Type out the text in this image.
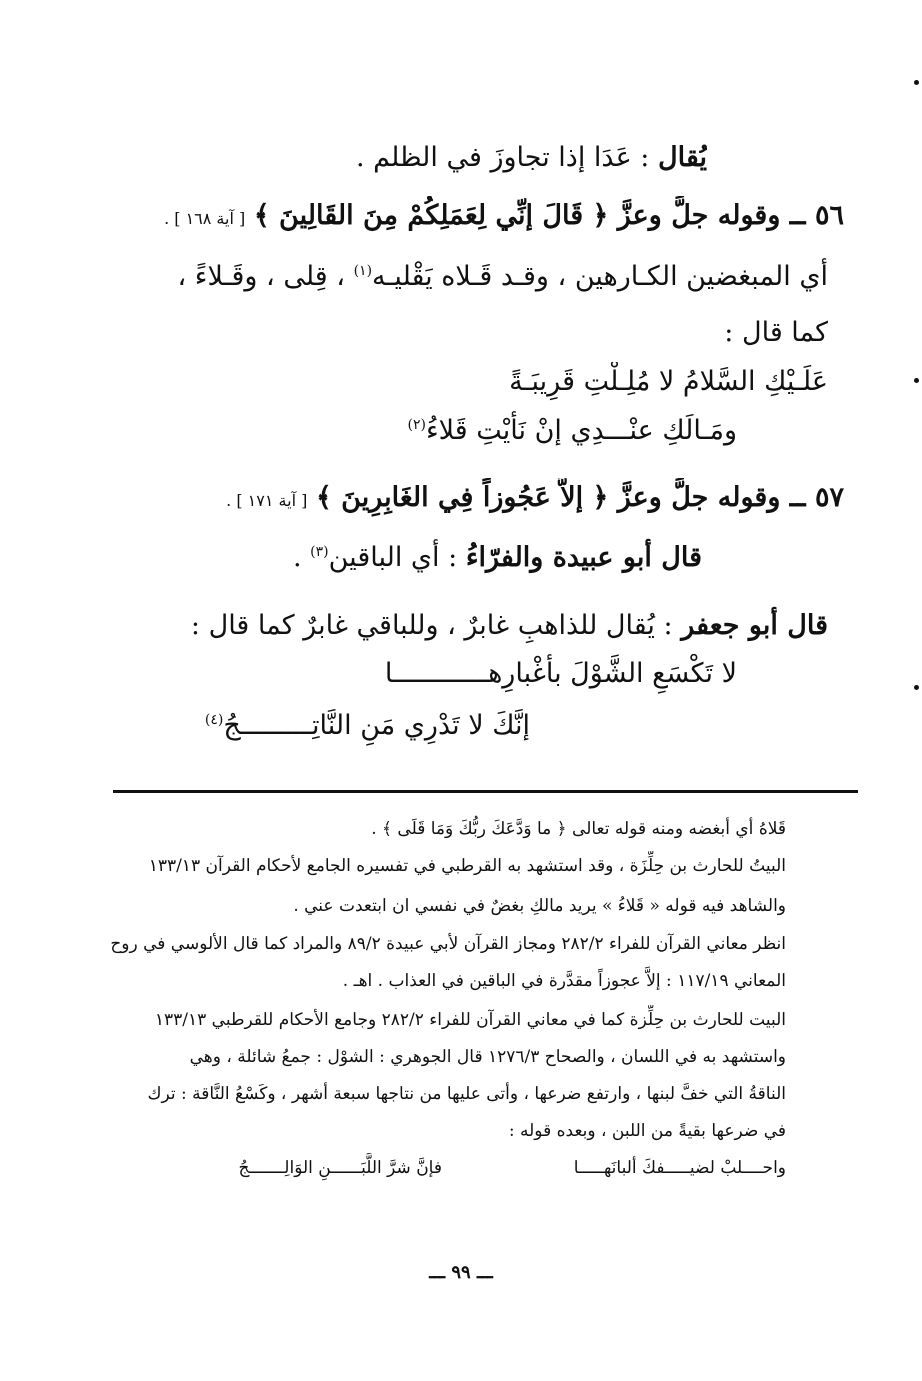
يُقال : عَدَا إذا تجاوزَ في الظلم .
٥٦ ــ وقوله جلَّ وعزَّ ﴿ قَالَ إنِّي لِعَمَلِكُمْ مِنَ القَالِينَ ﴾ [ آية ١٦٨ ] .
أي المبغضين الكـارهين ، وقـد قَـلاه يَقْليـه$^{(١)}$ ، قِلى ، وقَـلاءً ،
كما قال :
عَلَـيْكِ السَّلامُ لا مُلِـلْتِ قَرِيبَـةً
ومَـالَكِ عنْـــدِي إنْ نَأَيْتِ قَلاءُ$^{(٢)}$
٥٧ ــ وقوله جلَّ وعزَّ ﴿ إلاَّ عَجُوزاً فِي الغَابِرِينَ ﴾ [ آية ١٧١ ] .
قال أبو عبيدة والفرّاءُ : أي الباقين$^{(٣)}$ .
قال أبو جعفر : يُقال للذاهبِ غابرٌ ، وللباقي غابرٌ كما قال :
لا تَكْسَعِ الشَّوْلَ بأَغْبارِهــــــــــــا
إنَّكَ لا تَدْرِي مَنِ النَّاتِـــــــــجُ$^{(٤)}$
قَلاهُ أي أبغضه ومنه قوله تعالى ﴿ ما وَدَّعَكَ ربُّكَ وَمَا قَلَى ﴾ .
البيتُ للحارث بن حِلِّزَة ، وقد استشهد به القرطبي في تفسيره الجامع لأحكام القرآن ١٣٣/١٣
والشاهد فيه قوله « قَلاءُ » يريد مالكِ بغضٌ في نفسي ان ابتعدت عني .
انظر معاني القرآن للفراء ٢٨٢/٢ ومجاز القرآن لأبي عبيدة ٨٩/٢ والمراد كما قال الألوسي في روح
المعاني ١١٧/١٩ : إلاَّ عجوزاً مقدَّرة في الباقين في العذاب . اهـ .
البيت للحارث بن حِلِّزة كما في معاني القرآن للفراء ٢٨٢/٢ وجامع الأحكام للقرطبي ١٣٣/١٣
واستشهد به في اللسان ، والصحاح ١٢٧٦/٣ قال الجوهري : الشوْل : جمعُ شائلة ، وهي
الناقةُ التي خفَّ لبنها ، وارتفع ضرعها ، وأتى عليها من نتاجها سبعة أشهر ، وكَسْعُ النَّاقة : ترك
في ضرعها بقيةً من اللبن ، وبعده قوله :
واحــــلبْ لضيـــــفكَ ألبانَهـــــا
فإنَّ شرَّ اللَّبَــــــنِ الوَالِـــــــجُ
ـــ ٩٩ ـــ
